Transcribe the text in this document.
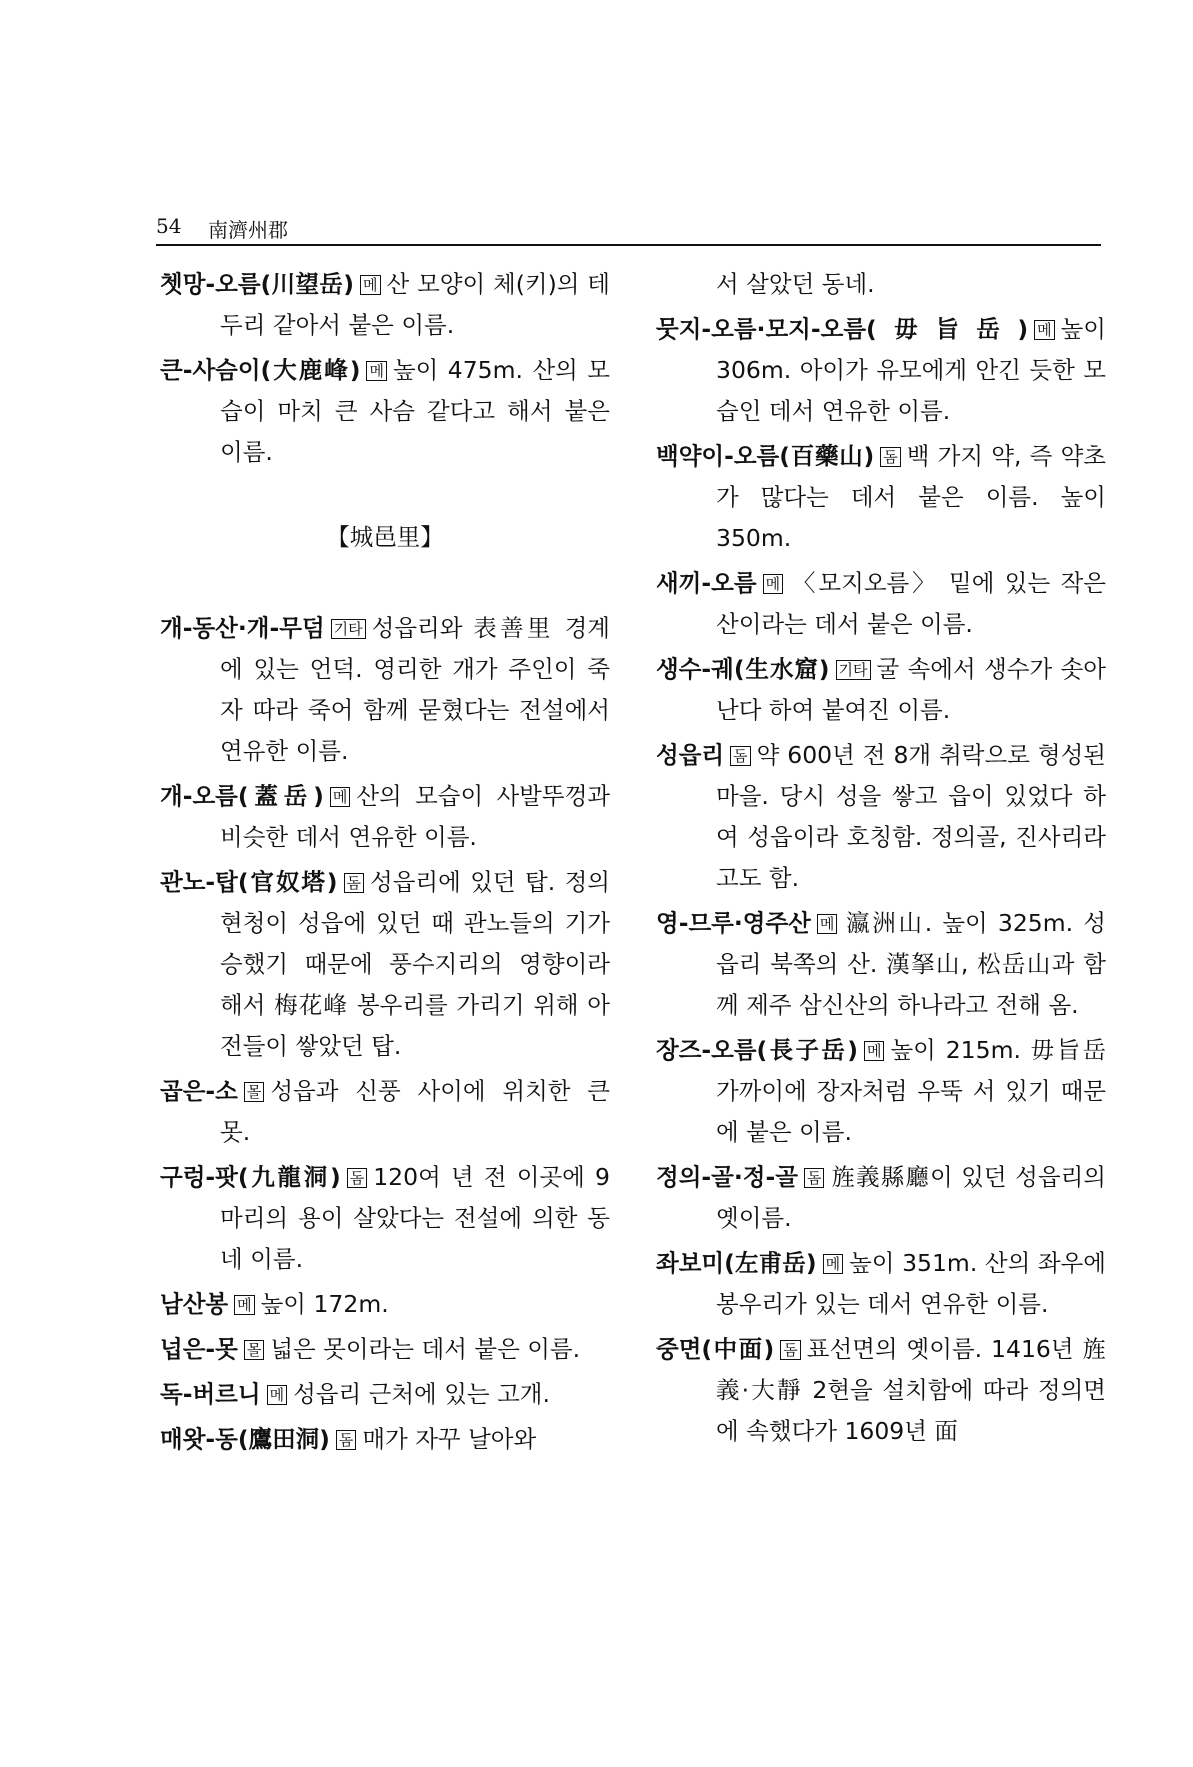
54 南濟州郡
쳇망-오름(川望岳) 메 산 모양이 체(키)의 테두리 같아서 붙은 이름.
큰-사슴이(大鹿峰) 메 높이 475m. 산의 모습이 마치 큰 사슴 같다고 해서 붙은 이름.
【城邑里】
개-동산·개-무덤 기타 성읍리와 表善里 경계에 있는 언덕. 영리한 개가 주인이 죽자 따라 죽어 함께 묻혔다는 전설에서 연유한 이름.
개-오름(蓋岳) 메 산의 모습이 사발뚜껑과 비슷한 데서 연유한 이름.
관노-탑(官奴塔) 돔 성읍리에 있던 탑. 정의현청이 성읍에 있던 때 관노들의 기가 승했기 때문에 풍수지리의 영향이라 해서 梅花峰 봉우리를 가리기 위해 아전들이 쌓았던 탑.
곱은-소 몰 성읍과 신풍 사이에 위치한 큰 못.
구렁-팟(九龍洞) 돔 120여 년 전 이곳에 9마리의 용이 살았다는 전설에 의한 동네 이름.
남산봉 메 높이 172m.
넙은-못 몰 넓은 못이라는 데서 붙은 이름.
독-버르니 메 성읍리 근처에 있는 고개.
매왓-동(鷹田洞) 돔 매가 자꾸 날아와
서 살았던 동네.
뭇지-오름·모지-오름(毋旨岳) 메 높이 306m. 아이가 유모에게 안긴 듯한 모습인 데서 연유한 이름.
백약이-오름(百藥山) 돔 백 가지 약, 즉 약초가 많다는 데서 붙은 이름. 높이 350m.
새끼-오름 메 〈모지오름〉 밑에 있는 작은 산이라는 데서 붙은 이름.
생수-궤(生水窟) 기타 굴 속에서 생수가 솟아난다 하여 붙여진 이름.
성읍리 돔 약 600년 전 8개 취락으로 형성된 마을. 당시 성을 쌓고 읍이 있었다 하여 성읍이라 호칭함. 정의골, 진사리라고도 함.
영-므루·영주산 메 瀛洲山. 높이 325m. 성읍리 북쪽의 산. 漢拏山, 松岳山과 함께 제주 삼신산의 하나라고 전해 옴.
장즈-오름(長子岳) 메 높이 215m. 毋旨岳 가까이에 장자처럼 우뚝 서 있기 때문에 붙은 이름.
정의-골·정-골 돔 旌義縣廳이 있던 성읍리의 옛이름.
좌보미(左甫岳) 메 높이 351m. 산의 좌우에 봉우리가 있는 데서 연유한 이름.
중면(中面) 돔 표선면의 옛이름. 1416년 旌義·大靜 2현을 설치함에 따라 정의면에 속했다가 1609년 面
